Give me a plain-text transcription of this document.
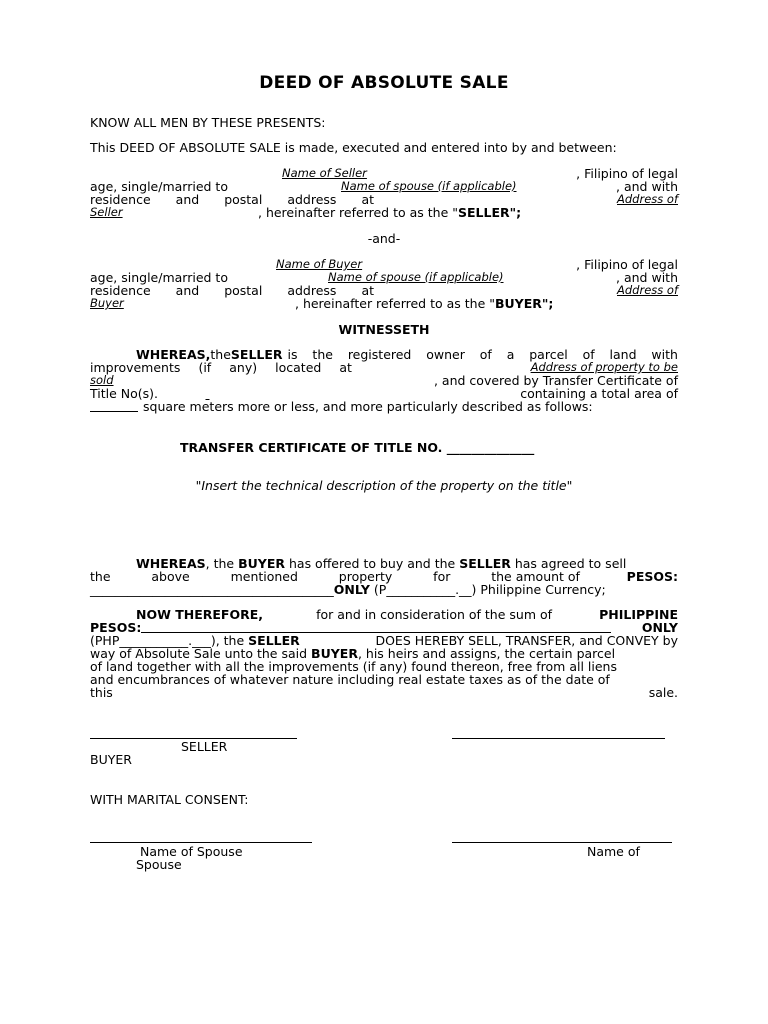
DEED OF ABSOLUTE SALE
KNOW ALL MEN BY THESE PRESENTS:
This DEED OF ABSOLUTE SALE is made, executed and entered into by and between:
Name of Seller	, Filipino of legal
age, single/married to	Name of spouse (if applicable)	, and with
residence and postal address at	Address of
Seller	, hereinafter referred to as the " SELLER";
-and-
Name of Buyer	, Filipino of legal
age, single/married to	Name of spouse (if applicable)	, and with
residence and postal address at	Address of
Buyer	, hereinafter referred to as the " BUYER";
WITNESSETH
WHEREAS, the SELLER is the registered owner of a parcel of land with
improvements (if any) located at	Address of property to be
sold	, and covered by Transfer Certificate of
Title No(s).
	containing a total area of
square meters more or less, and more particularly described as follows:
TRANSFER CERTIFICATE OF TITLE NO. ______________
"Insert the technical description of the property on the title"
WHEREAS , the
BUYER
has offered to buy and the
SELLER
has agreed to sell
the	above	mentioned	property	for	the amount of	PESOS:
_______________________________________ ONLY
(P___________.__) Philippine Currency;
NOW THEREFORE,	for and in consideration of the sum of	PHILIPPINE
PESOS:	ONLY
(PHP___________.___), the SELLER	DOES HEREBY SELL, TRANSFER, and CONVEY by
way of Absolute Sale unto the said BUYER, his heirs and assigns, the certain parcel
of land together with all the improvements (if any) found thereon, free from all liens
and encumbrances of whatever nature including real estate taxes as of the date of
this	sale.
SELLER
BUYER
WITH MARITAL CONSENT:
Name of Spouse	Name of
Spouse
